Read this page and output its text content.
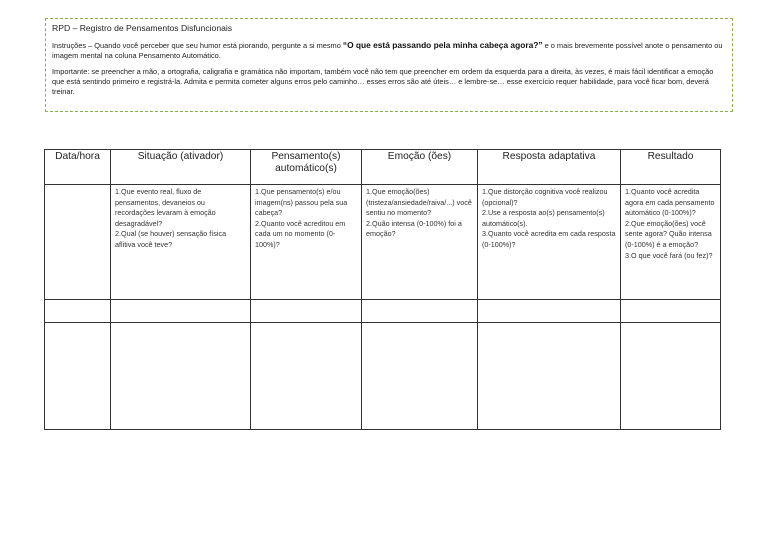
RPD – Registro de Pensamentos Disfuncionais

Instruções – Quando você perceber que seu humor está piorando, pergunte a si mesmo “O que está passando pela minha cabeça agora?” e o mais brevemente possível anote o pensamento ou imagem mental na coluna Pensamento Automático.

Importante: se preencher a mão, a ortografia, caligrafia e gramática não importam, também você não tem que preencher em ordem da esquerda para a direita, às vezes, é mais fácil identificar a emoção que está sentindo primeiro e registrá-la. Admita e permita cometer alguns erros pelo caminho… esses erros são até úteis… e lembre-se… esse exercício requer habilidade, para você ficar bom, deverá treinar.

Data/hora	Situação (ativador)	Pensamento(s) automático(s)	Emoção (ões)	Resposta adaptativa	Resultado

	1.Que evento real, fluxo de pensamentos, devaneios ou recordações levaram à emoção desagradável?
2.Qual (se houver) sensação física aflitiva você teve?	1.Que pensamento(s) e/ou imagem(ns) passou pela sua cabeça?
2.Quanto você acreditou em cada um no momento (0-100%)?	1.Que emoção(ões) (tristeza/ansiedade/raiva/...) você sentiu no momento?
2.Quão intensa (0-100%) foi a emoção?	1.Que distorção cognitiva você realizou (opcional)?
2.Use a resposta ao(s) pensamento(s) automático(s).
3.Quanto você acredita em cada resposta (0-100%)?	1.Quanto você acredita agora em cada pensamento automático (0-100%)?
2.Que emoção(ões) você sente agora? Quão intensa (0-100%) é a emoção?
3.O que você fará (ou fez)?
